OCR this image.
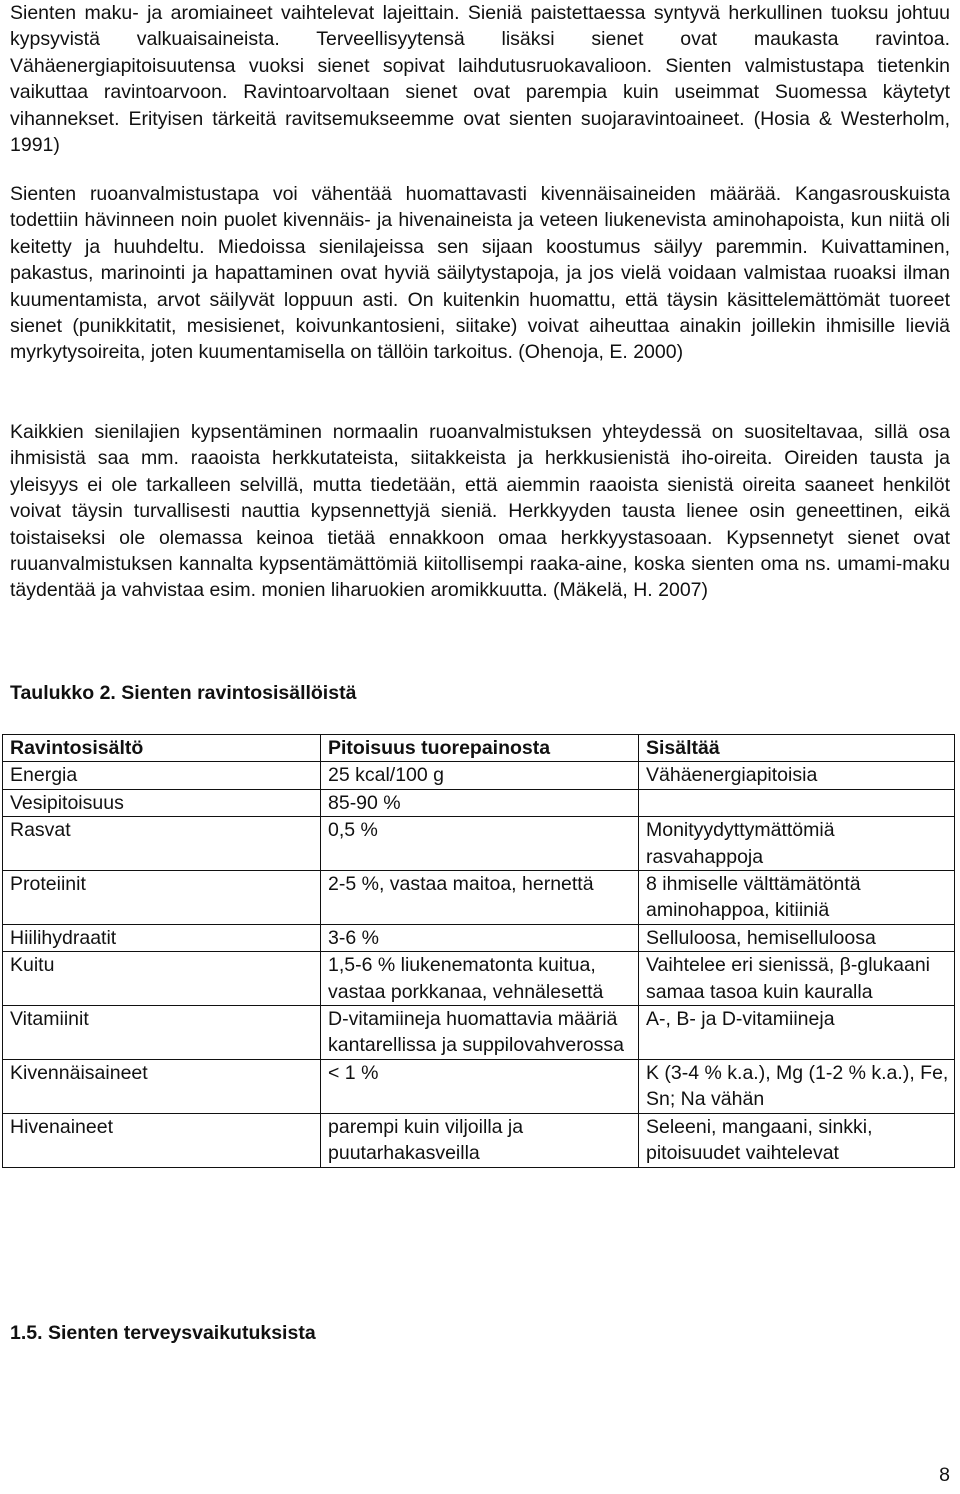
Sienten maku- ja aromiaineet vaihtelevat lajeittain. Sieniä paistettaessa syntyvä herkullinen tuoksu johtuu kypsyvistä valkuaisaineista. Terveellisyytensä lisäksi sienet ovat maukasta ravintoa. Vähäenergiapitoisuutensa vuoksi sienet sopivat laihdutusruokavalioon. Sienten valmistustapa tietenkin vaikuttaa ravintoarvoon. Ravintoarvoltaan sienet ovat parempia kuin useimmat Suomessa käytetyt vihannekset. Erityisen tärkeitä ravitsemukseemme ovat sienten suojaravintoaineet. (Hosia & Westerholm, 1991)

Sienten ruoanvalmistustapa voi vähentää huomattavasti kivennäisaineiden määrää. Kangasrouskuista todettiin hävinneen noin puolet kivennäis- ja hivenaineista ja veteen liukenevista aminohapoista, kun niitä oli keitetty ja huuhdeltu. Miedoissa sienilajeissa sen sijaan koostumus säilyy paremmin. Kuivattaminen, pakastus, marinointi ja hapattaminen ovat hyviä säilytystapoja, ja jos vielä voidaan valmistaa ruoaksi ilman kuumentamista, arvot säilyvät loppuun asti. On kuitenkin huomattu, että täysin käsittelemättömät tuoreet sienet (punikkitatit, mesisienet, koivunkantosieni, siitake) voivat aiheuttaa ainakin joillekin ihmisille lieviä myrkytysoireita, joten kuumentamisella on tällöin tarkoitus. (Ohenoja, E. 2000)

Kaikkien sienilajien kypsentäminen normaalin ruoanvalmistuksen yhteydessä on suositeltavaa, sillä osa ihmisistä saa mm. raaoista herkkutateista, siitakkeista ja herkkusienistä iho-oireita. Oireiden tausta ja yleisyys ei ole tarkalleen selvillä, mutta tiedetään, että aiemmin raaoista sienistä oireita saaneet henkilöt voivat täysin turvallisesti nauttia kypsennettyjä sieniä. Herkkyyden tausta lienee osin geneettinen, eikä toistaiseksi ole olemassa keinoa tietää ennakkoon omaa herkkyystasoaan. Kypsennetyt sienet ovat ruuanvalmistuksen kannalta kypsentämättömiä kiitollisempi raaka-aine, koska sienten oma ns. umami-maku täydentää ja vahvistaa esim. monien liharuokien aromikkuutta. (Mäkelä, H. 2007)

Taulukko 2. Sienten ravintosisällöistä

Ravintosisältö	Pitoisuus tuorepainosta	Sisältää
Energia	25 kcal/100 g	Vähäenergiapitoisia
Vesipitoisuus	85-90 %	
Rasvat	0,5 %	Monityydyttymättömiä rasvahappoja
Proteiinit	2-5 %, vastaa maitoa, hernettä	8 ihmiselle välttämätöntä aminohappoa, kitiiniä
Hiilihydraatit	3-6 %	Selluloosa, hemiselluloosa
Kuitu	1,5-6 % liukenematonta kuitua, vastaa porkkanaa, vehnälesettä	Vaihtelee eri sienissä, β-glukaani samaa tasoa kuin kauralla
Vitamiinit	D-vitamiineja huomattavia määriä kantarellissa ja suppilovahverossa	A-, B- ja D-vitamiineja
Kivennäisaineet	< 1 %	K (3-4 % k.a.), Mg (1-2 % k.a.), Fe, Sn; Na vähän
Hivenaineet	parempi kuin viljoilla ja puutarhakasveilla	Seleeni, mangaani, sinkki, pitoisuudet vaihtelevat

1.5. Sienten terveysvaikutuksista

8
